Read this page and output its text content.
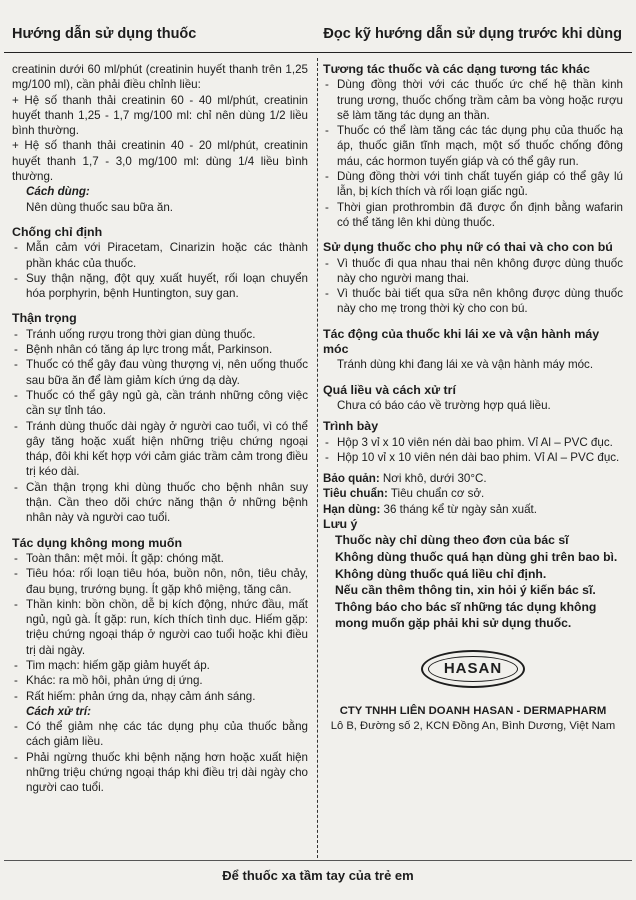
Hướng dẫn sử dụng thuốc	Đọc kỹ hướng dẫn sử dụng trước khi dùng

creatinin dưới 60 ml/phút (creatinin huyết thanh trên 1,25 mg/100 ml), cần phải điều chỉnh liều:

+ Hệ số thanh thải creatinin 60 - 40 ml/phút, creatinin huyết thanh 1,25 - 1,7 mg/100 ml: chỉ nên dùng 1/2 liều bình thường.

+ Hệ số thanh thải creatinin 40 - 20 ml/phút, creatinin huyết thanh 1,7 - 3,0 mg/100 ml: dùng 1/4 liều bình thường.

Cách dùng:

Nên dùng thuốc sau bữa ăn.

Chống chỉ định

- Mẫn cảm với Piracetam, Cinarizin hoặc các thành phần khác của thuốc.

- Suy thận nặng, đột quỵ xuất huyết, rối loạn chuyển hóa porphyrin, bệnh Huntington, suy gan.

Thận trọng

- Tránh uống rượu trong thời gian dùng thuốc.

- Bệnh nhân có tăng áp lực trong mắt, Parkinson.

- Thuốc có thể gây đau vùng thượng vị, nên uống thuốc sau bữa ăn để làm giảm kích ứng dạ dày.

- Thuốc có thể gây ngủ gà, cần tránh những công việc cần sự tỉnh táo.

- Tránh dùng thuốc dài ngày ở người cao tuổi, vì có thể gây tăng hoặc xuất hiện những triệu chứng ngoại tháp, đôi khi kết hợp với cảm giác trầm cảm trong điều trị kéo dài.

- Cần thận trọng khi dùng thuốc cho bệnh nhân suy thận. Cần theo dõi chức năng thận ở những bệnh nhân này và người cao tuổi.

Tác dụng không mong muốn

- Toàn thân: mệt mỏi. Ít gặp: chóng mặt.

- Tiêu hóa: rối loạn tiêu hóa, buồn nôn, nôn, tiêu chảy, đau bụng, trướng bụng. Ít gặp khô miệng, tăng cân.

- Thần kinh: bồn chồn, dễ bị kích động, nhức đầu, mất ngủ, ngủ gà. Ít gặp: run, kích thích tình dục. Hiếm gặp: triệu chứng ngoại tháp ở người cao tuổi hoặc khi điều trị dài ngày.

- Tim mạch: hiếm gặp giảm huyết áp.

- Khác: ra mồ hôi, phản ứng dị ứng.

- Rất hiếm: phản ứng da, nhạy cảm ánh sáng.

Cách xử trí:

- Có thể giảm nhẹ các tác dụng phụ của thuốc bằng cách giảm liều.

- Phải ngừng thuốc khi bệnh nặng hơn hoặc xuất hiện những triệu chứng ngoại tháp khi điều trị dài ngày cho người cao tuổi.

Tương tác thuốc và các dạng tương tác khác

- Dùng đồng thời với các thuốc ức chế hệ thần kinh trung ương, thuốc chống trầm cảm ba vòng hoặc rượu sẽ làm tăng tác dụng an thần.

- Thuốc có thể làm tăng các tác dụng phụ của thuốc hạ áp, thuốc giãn tĩnh mạch, một số thuốc chống đông máu, các hormon tuyến giáp và có thể gây run.

- Dùng đồng thời với tinh chất tuyến giáp có thể gây lú lẫn, bị kích thích và rối loạn giấc ngủ.

- Thời gian prothrombin đã được ổn định bằng wafarin có thể tăng lên khi dùng thuốc.

Sử dụng thuốc cho phụ nữ có thai và cho con bú

- Vì thuốc đi qua nhau thai nên không được dùng thuốc này cho người mang thai.

- Vì thuốc bài tiết qua sữa nên không được dùng thuốc này cho mẹ trong thời kỳ cho con bú.

Tác động của thuốc khi lái xe và vận hành máy móc

Tránh dùng khi đang lái xe và vận hành máy móc.

Quá liều và cách xử trí

Chưa có báo cáo về trường hợp quá liều.

Trình bày

- Hộp 3 vỉ x 10 viên nén dài bao phim. Vỉ Al – PVC đục.

- Hộp 10 vỉ x 10 viên nén dài bao phim. Vỉ Al – PVC đục.

Bảo quản: Nơi khô, dưới 30°C.

Tiêu chuẩn: Tiêu chuẩn cơ sở.

Hạn dùng: 36 tháng kể từ ngày sản xuất.

Lưu ý

Thuốc này chỉ dùng theo đơn của bác sĩ

Không dùng thuốc quá hạn dùng ghi trên bao bì.

Không dùng thuốc quá liều chỉ định.

Nếu cần thêm thông tin, xin hỏi ý kiến bác sĩ.

Thông báo cho bác sĩ những tác dụng không mong muốn gặp phải khi sử dụng thuốc.

HASAN
CTY TNHH LIÊN DOANH HASAN - DERMAPHARM
Lô B, Đường số 2, KCN Đồng An, Bình Dương, Việt Nam
Để thuốc xa tầm tay của trẻ em
